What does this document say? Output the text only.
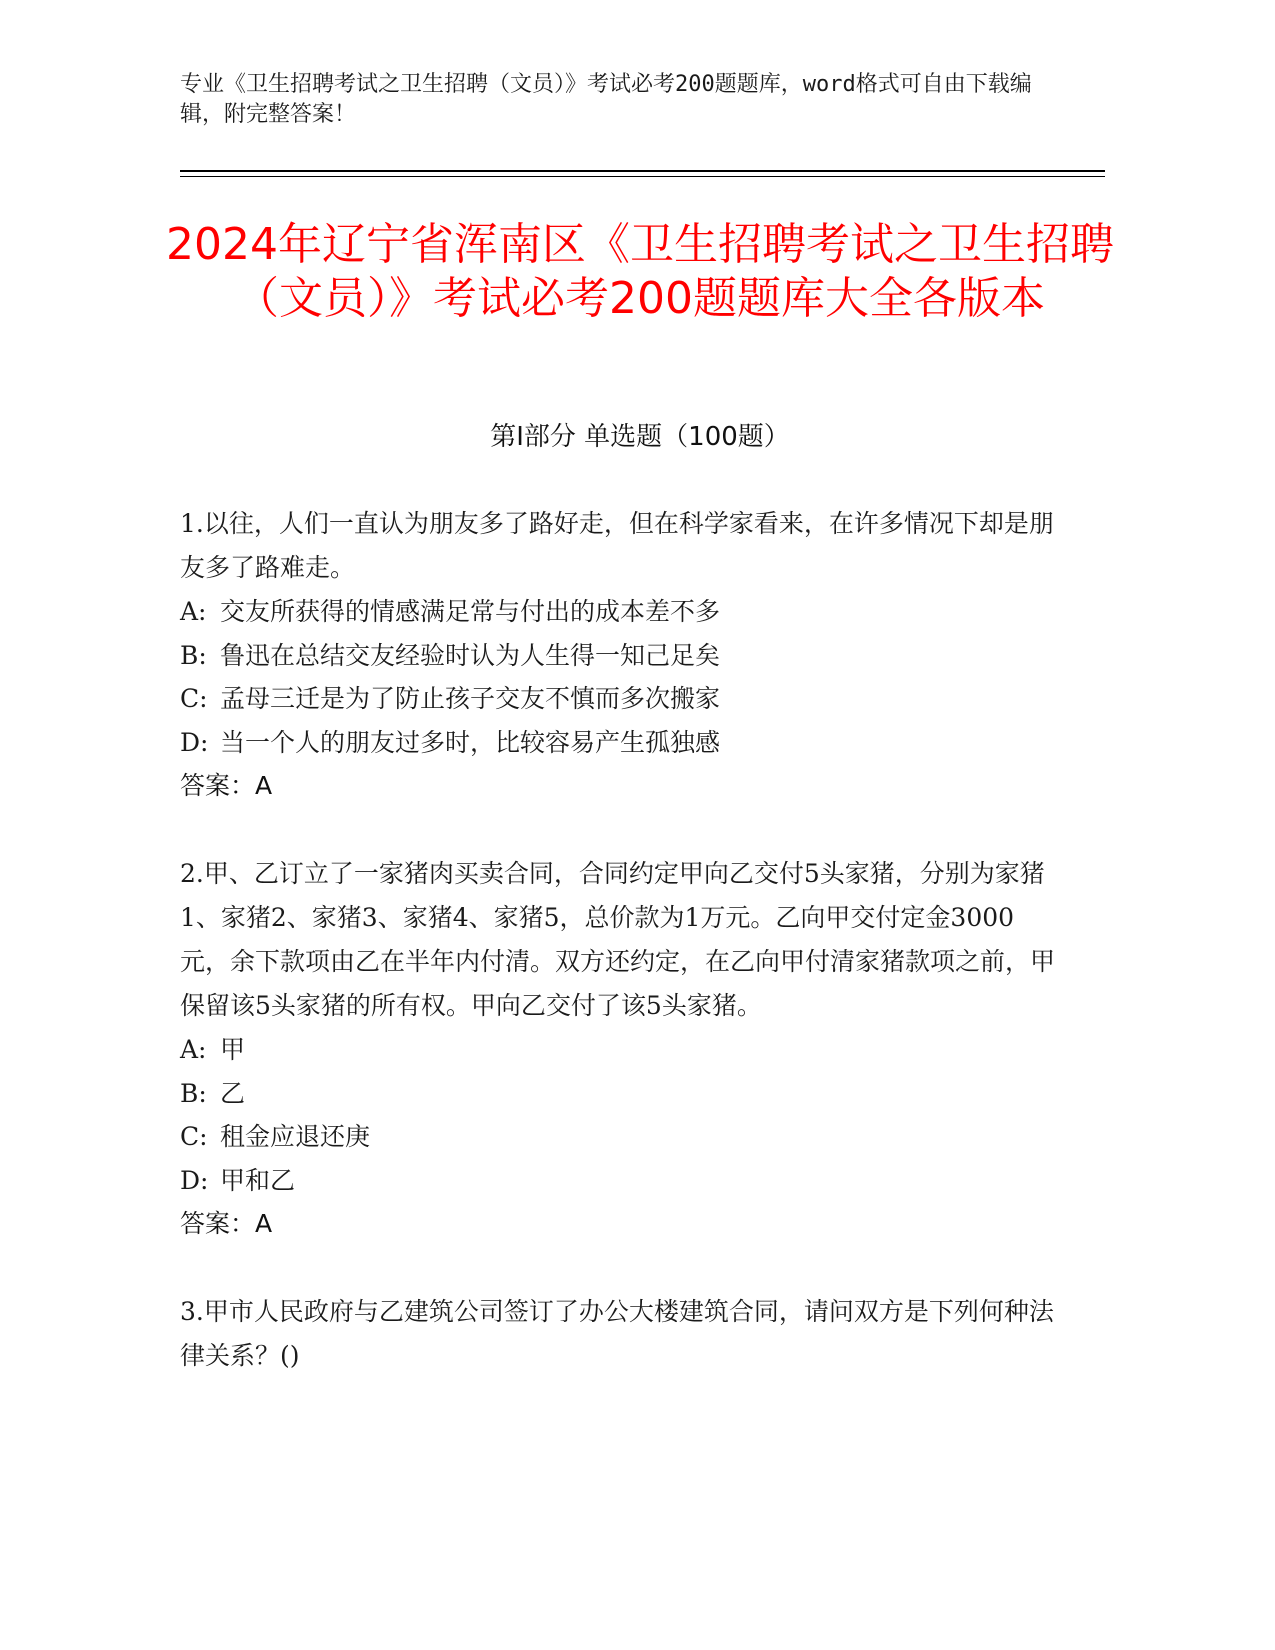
专业《卫生招聘考试之卫生招聘（文员）》考试必考200题题库，word格式可自由下载编辑，附完整答案！
2024年辽宁省浑南区《卫生招聘考试之卫生招聘（文员）》考试必考200题题库大全各版本
第Ⅰ部分 单选题（100题）

1.以往，人们一直认为朋友多了路好走，但在科学家看来，在许多情况下却是朋友多了路难走。

A: 交友所获得的情感满足常与付出的成本差不多

B: 鲁迅在总结交友经验时认为人生得一知己足矣

C: 孟母三迁是为了防止孩子交友不慎而多次搬家

D: 当一个人的朋友过多时，比较容易产生孤独感

答案：A

2.甲、乙订立了一家猪肉买卖合同，合同约定甲向乙交付5头家猪，分别为家猪1、家猪2、家猪3、家猪4、家猪5，总价款为1万元。乙向甲交付定金3000元，余下款项由乙在半年内付清。双方还约定，在乙向甲付清家猪款项之前，甲保留该5头家猪的所有权。甲向乙交付了该5头家猪。

A: 甲

B: 乙

C: 租金应退还庚

D: 甲和乙

答案：A

3.甲市人民政府与乙建筑公司签订了办公大楼建筑合同，请问双方是下列何种法律关系？()
